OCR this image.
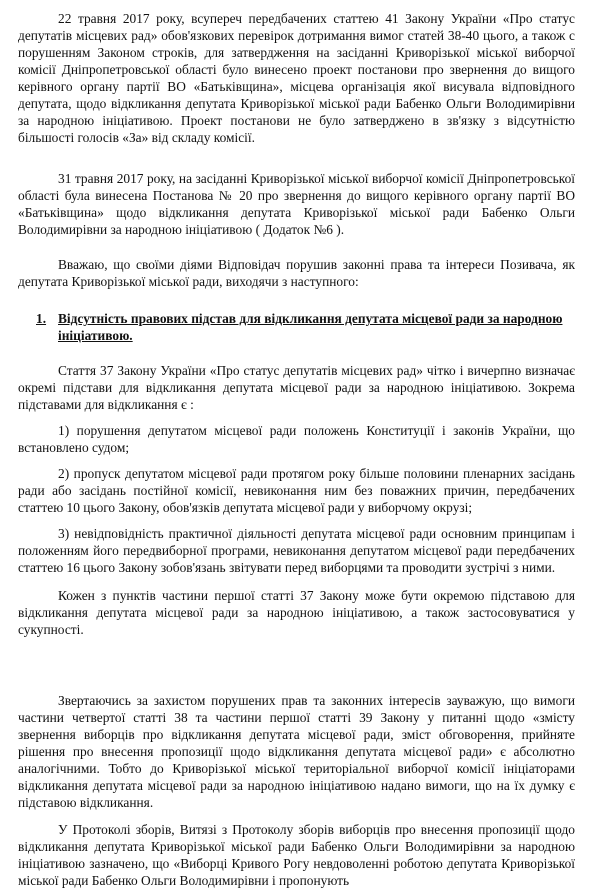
22 травня 2017 року, всупереч передбачених статтею 41 Закону України «Про статус депутатів місцевих рад» обов'язкових перевірок дотримання вимог статей 38-40 цього, а також с порушенням Законом строків, для затвердження на засіданні Криворізької міської виборчої комісії Дніпропетровської області було винесено проект постанови про звернення до вищого керівного органу партії ВО «Батьківщина», місцева організація якої висувала відповідного депутата, щодо відкликання депутата Криворізької міської ради Бабенко Ольги Володимирівни за народною ініціативою. Проект постанови не було затверджено в зв'язку з відсутністю більшості голосів «За» від складу комісії.

31 травня 2017 року, на засіданні Криворізької міської виборчої комісії Дніпропетровської області була винесена Постанова № 20 про звернення до вищого керівного органу партії ВО «Батьківщина» щодо відкликання депутата Криворізької міської ради Бабенко Ольги Володимирівни за народною ініціативою ( Додаток №6 ).

Вважаю, що своїми діями Відповідач порушив законні права та інтереси Позивача, як депутата Криворізької міської ради, виходячи з наступного:

1. Відсутність правових підстав для відкликання депутата місцевої ради за народною ініціативою.

Стаття 37 Закону України «Про статус депутатів місцевих рад» чітко і вичерпно визначає окремі підстави для відкликання депутата місцевої ради за народною ініціативою. Зокрема підставами для відкликання є :

1) порушення депутатом місцевої ради положень Конституції і законів України, що встановлено судом;

2) пропуск депутатом місцевої ради протягом року більше половини пленарних засідань ради або засідань постійної комісії, невиконання ним без поважних причин, передбачених статтею 10 цього Закону, обов'язків депутата місцевої ради у виборчому окрузі;

3) невідповідність практичної діяльності депутата місцевої ради основним принципам і положенням його передвиборної програми, невиконання депутатом місцевої ради передбачених статтею 16 цього Закону зобов'язань звітувати перед виборцями та проводити зустрічі з ними.

Кожен з пунктів частини першої статті 37 Закону може бути окремою підставою для відкликання депутата місцевої ради за народною ініціативою, а також застосовуватися у сукупності.

Звертаючись за захистом порушених прав та законних інтересів зауважую, що вимоги частини четвертої статті 38 та частини першої статті 39 Закону у питанні щодо «змісту звернення виборців про відкликання депутата місцевої ради, зміст обговорення, прийняте рішення про внесення пропозиції щодо відкликання депутата місцевої ради» є абсолютно аналогічними. Тобто до Криворізької міської територіальної виборчої комісії ініціаторами відкликання депутата місцевої ради за народною ініціативою надано вимоги, що на їх думку є підставою відкликання.

У Протоколі зборів, Витязі з Протоколу зборів виборців про внесення пропозиції щодо відкликання депутата Криворізької міської ради Бабенко Ольги Володимирівни за народною ініціативою зазначено, що «Виборці Кривого Рогу невдоволенні роботою депутата Криворізької міської ради Бабенко Ольги Володимирівни і пропонують
